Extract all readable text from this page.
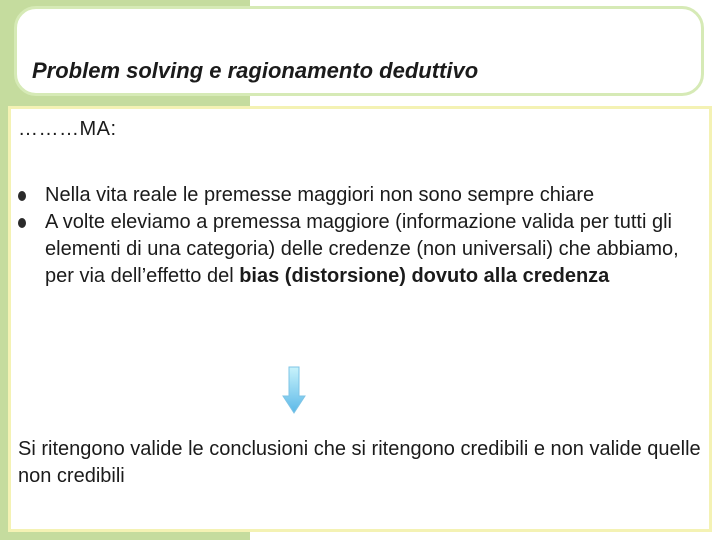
Problem solving e ragionamento deduttivo
………MA:
Nella vita reale le premesse maggiori non sono sempre chiare
A volte eleviamo a premessa maggiore (informazione valida per tutti gli elementi di una categoria) delle credenze (non universali) che abbiamo, per via dell’effetto del bias (distorsione) dovuto alla credenza

Si ritengono valide le conclusioni che si ritengono credibili e non valide quelle non credibili
